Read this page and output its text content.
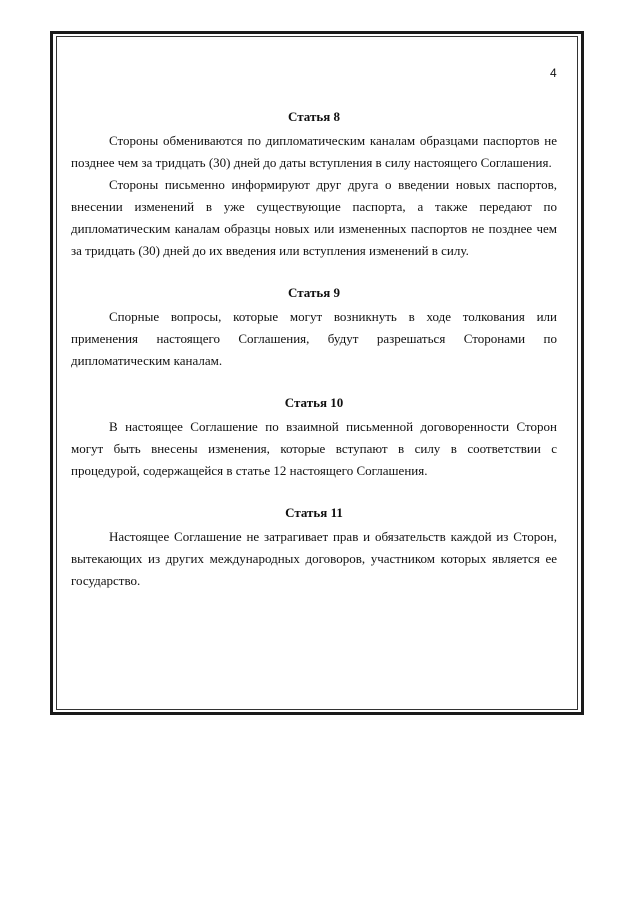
4
Статья 8

Стороны обмениваются по дипломатическим каналам образцами паспортов не позднее чем за тридцать (30) дней до даты вступления в силу настоящего Соглашения.

Стороны письменно информируют друг друга о введении новых паспортов, внесении изменений в уже существующие паспорта, а также передают по дипломатическим каналам образцы новых или измененных паспортов не позднее чем за тридцать (30) дней до их введения или вступления изменений в силу.

Статья 9

Спорные вопросы, которые могут возникнуть в ходе толкования или применения настоящего Соглашения, будут разрешаться Сторонами по дипломатическим каналам.

Статья 10

В настоящее Соглашение по взаимной письменной договоренности Сторон могут быть внесены изменения, которые вступают в силу в соответствии с процедурой, содержащейся в статье 12 настоящего Соглашения.

Статья 11

Настоящее Соглашение не затрагивает прав и обязательств каждой из Сторон, вытекающих из других международных договоров, участником которых является ее государство.
